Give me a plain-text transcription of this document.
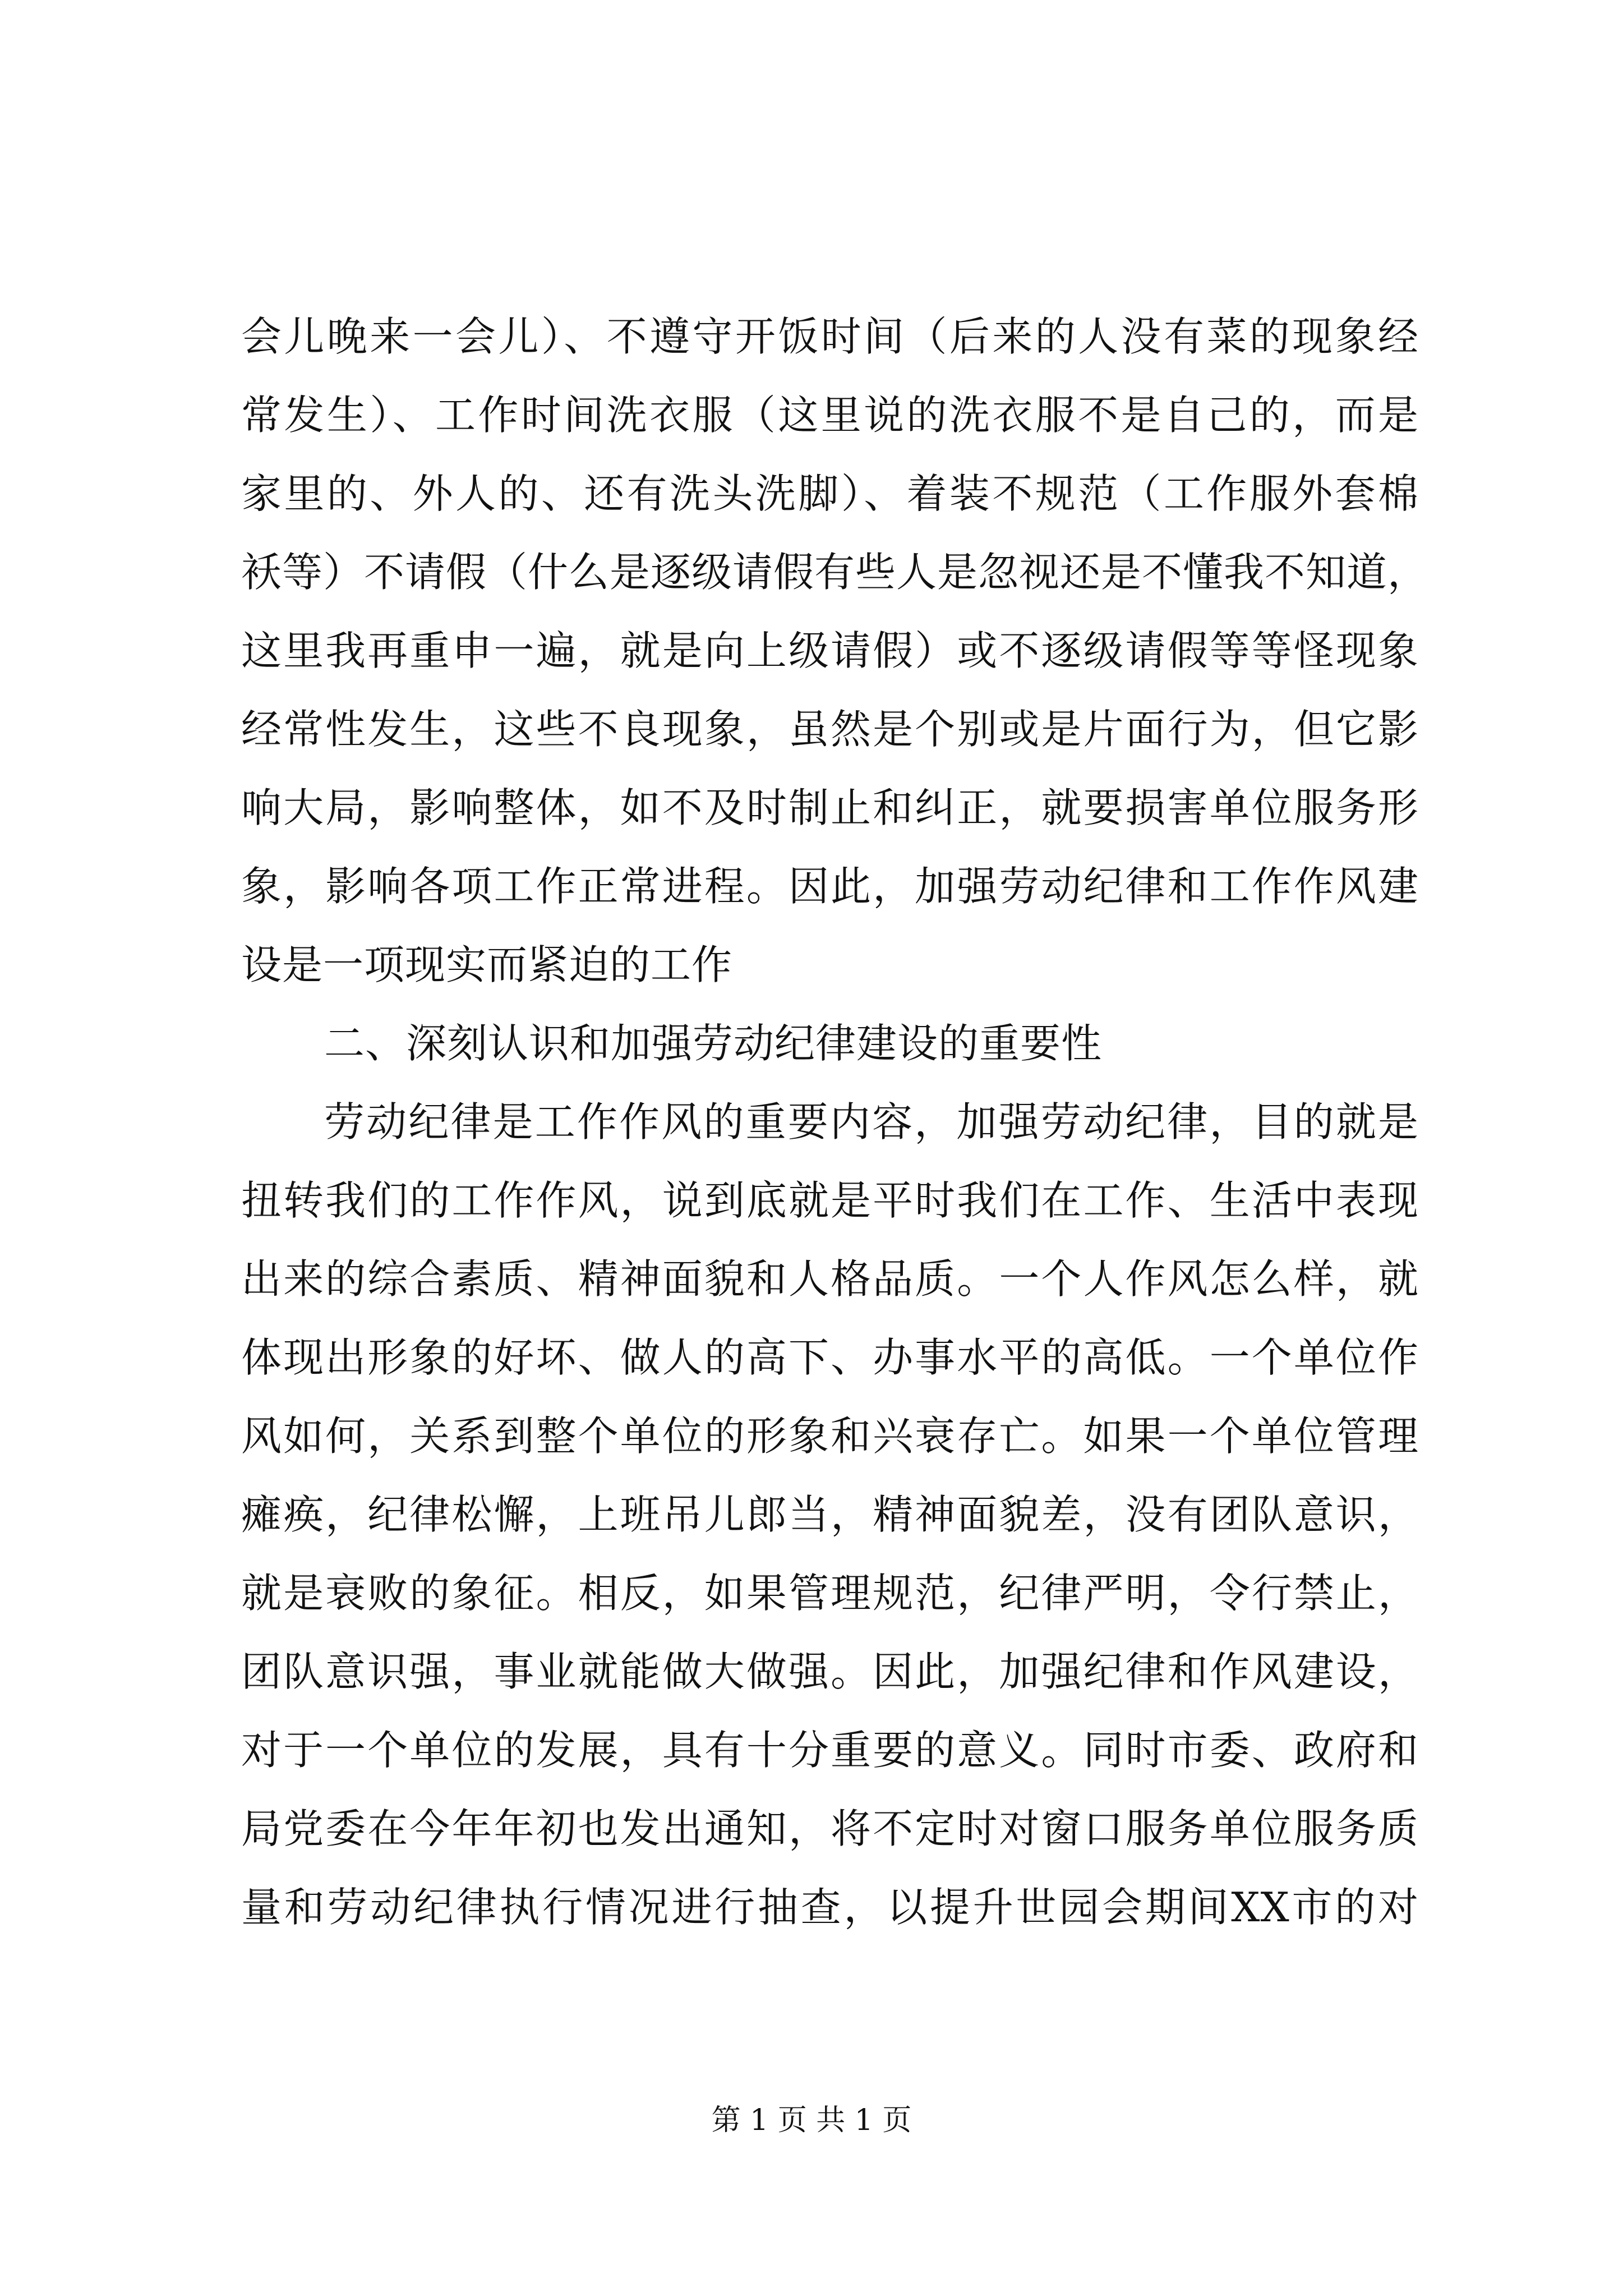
会儿晚来一会儿）、不遵守开饭时间（后来的人没有菜的现象经
常发生）、工作时间洗衣服（这里说的洗衣服不是自己的，而是
家里的、外人的、还有洗头洗脚）、着装不规范（工作服外套棉
袄等）不请假（什么是逐级请假有些人是忽视还是不懂我不知道，
这里我再重申一遍，就是向上级请假）或不逐级请假等等怪现象
经常性发生，这些不良现象，虽然是个别或是片面行为，但它影
响大局，影响整体，如不及时制止和纠正，就要损害单位服务形
象，影响各项工作正常进程。因此，加强劳动纪律和工作作风建
设是一项现实而紧迫的工作
二、深刻认识和加强劳动纪律建设的重要性
劳动纪律是工作作风的重要内容，加强劳动纪律，目的就是
扭转我们的工作作风，说到底就是平时我们在工作、生活中表现
出来的综合素质、精神面貌和人格品质。一个人作风怎么样，就
体现出形象的好坏、做人的高下、办事水平的高低。一个单位作
风如何，关系到整个单位的形象和兴衰存亡。如果一个单位管理
瘫痪，纪律松懈，上班吊儿郎当，精神面貌差，没有团队意识，
就是衰败的象征。相反，如果管理规范，纪律严明，令行禁止，
团队意识强，事业就能做大做强。因此，加强纪律和作风建设，
对于一个单位的发展，具有十分重要的意义。同时市委、政府和
局党委在今年年初也发出通知，将不定时对窗口服务单位服务质
量和劳动纪律执行情况进行抽查，以提升世园会期间XX市的对
第 1 页 共 1 页
